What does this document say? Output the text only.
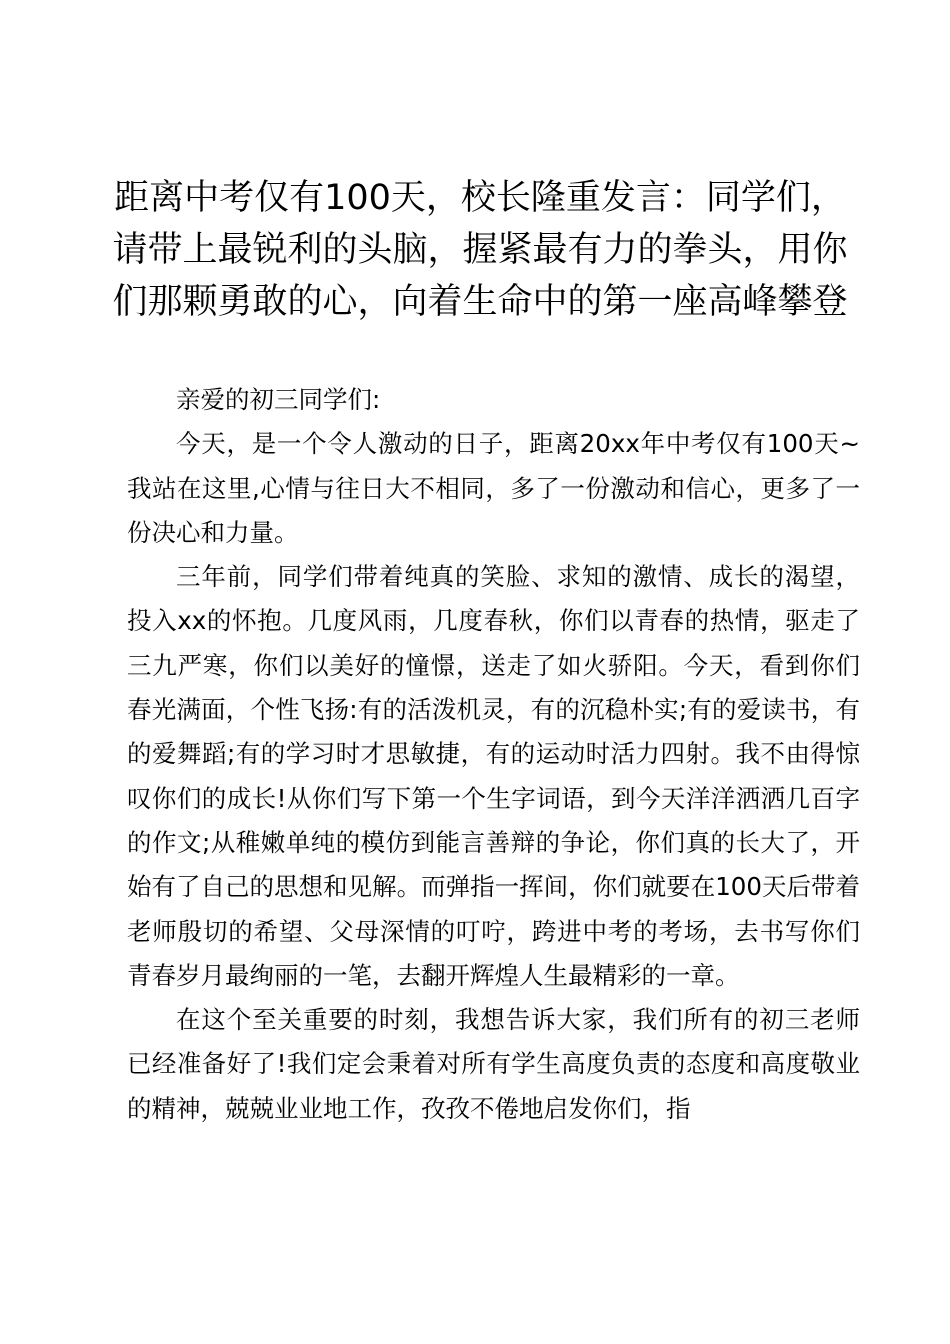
距离中考仅有100天，校长隆重发言：同学们，请带上最锐利的头脑，握紧最有力的拳头，用你们那颗勇敢的心，向着生命中的第一座高峰攀登

亲爱的初三同学们:

今天，是一个令人激动的日子，距离20xx年中考仅有100天~我站在这里,心情与往日大不相同，多了一份激动和信心，更多了一份决心和力量。

三年前，同学们带着纯真的笑脸、求知的激情、成长的渴望，投入xx的怀抱。几度风雨，几度春秋，你们以青春的热情，驱走了三九严寒，你们以美好的憧憬，送走了如火骄阳。今天，看到你们春光满面，个性飞扬:有的活泼机灵，有的沉稳朴实;有的爱读书，有的爱舞蹈;有的学习时才思敏捷，有的运动时活力四射。我不由得惊叹你们的成长!从你们写下第一个生字词语，到今天洋洋洒洒几百字的作文;从稚嫩单纯的模仿到能言善辩的争论，你们真的长大了，开始有了自己的思想和见解。而弹指一挥间，你们就要在100天后带着老师殷切的希望、父母深情的叮咛，跨进中考的考场，去书写你们青春岁月最绚丽的一笔，去翻开辉煌人生最精彩的一章。

在这个至关重要的时刻，我想告诉大家，我们所有的初三老师已经准备好了!我们定会秉着对所有学生高度负责的态度和高度敬业的精神，兢兢业业地工作，孜孜不倦地启发你们，指
